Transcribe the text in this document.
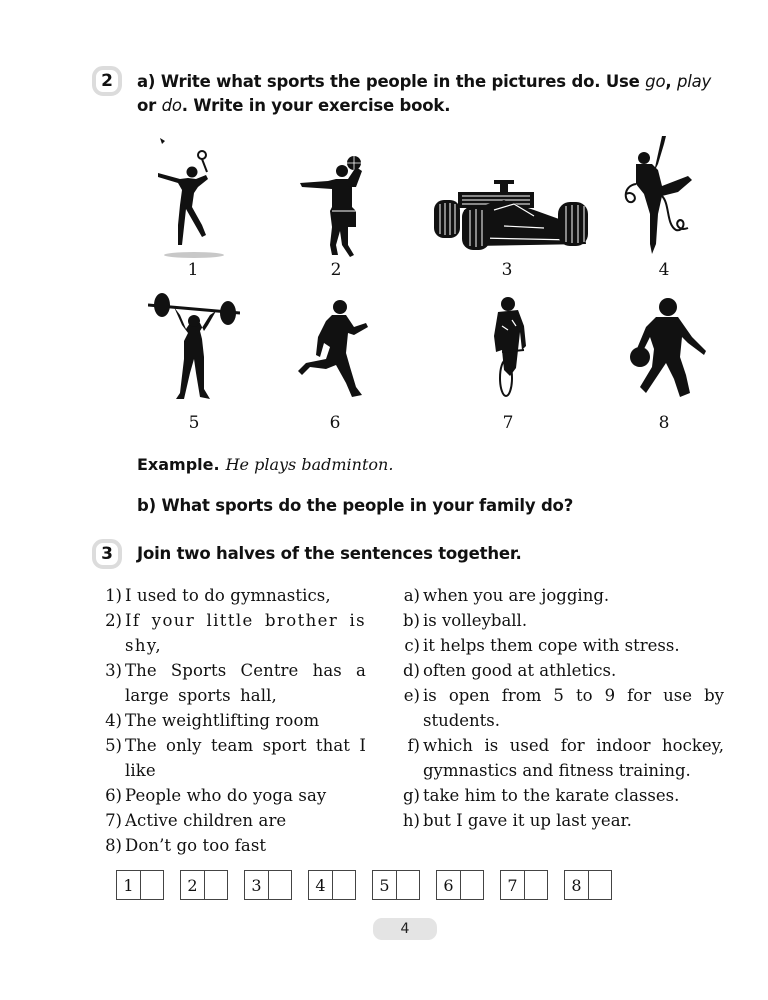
2 a) Write what sports the people in the pictures do. Use go, play
or do. Write in your exercise book.
1	2	3	4
5	6	7	8
Example. He plays badminton.
b) What sports do the people in your family do?
3 Join two halves of the sentences together.
1) I used to do gymnastics,
2) If your little brother is shy,
3) The Sports Centre has a large sports hall,
4) The weightlifting room
5) The only team sport that I like
6) People who do yoga say
7) Active children are
8) Don’t go too fast
a) when you are jogging.
b) is volleyball.
c) it helps them cope with stress.
d) often good at athletics.
e) is open from 5 to 9 for use by students.
f) which is used for indoor hockey, gymnastics and fitness training.
g) take him to the karate classes.
h) but I gave it up last year.
1	2	3	4	5	6	7	8
4
